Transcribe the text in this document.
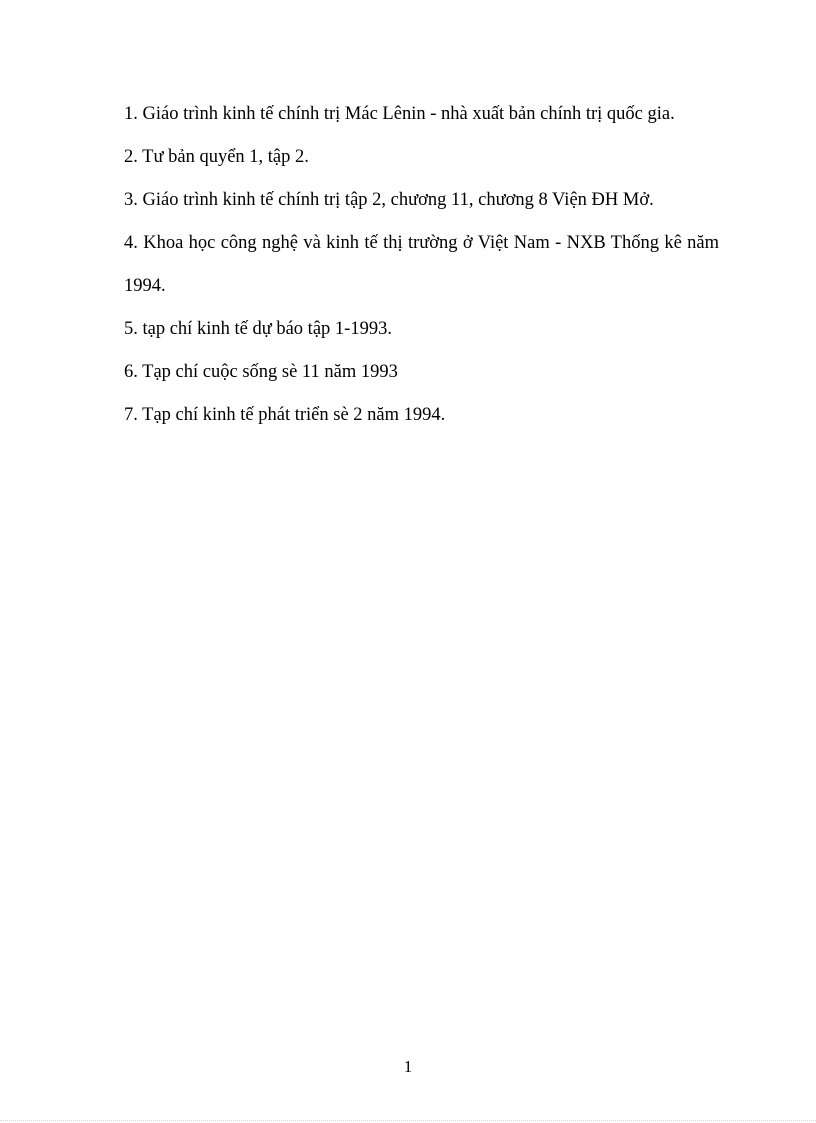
1. Giáo trình kinh tế chính trị Mác Lênin - nhà xuất bản chính trị quốc gia.
2. Tư bản quyển 1, tập 2.
3. Giáo trình kinh tế chính trị tập 2, chương 11, chương 8 Viện ĐH Mở.
4. Khoa học công nghệ và kinh tế thị trường ở Việt Nam - NXB Thống kê năm 1994.
5. tạp chí kinh tế dự báo tập 1-1993.
6. Tạp chí cuộc sống sè 11 năm 1993
7. Tạp chí kinh tế phát triển sè 2 năm 1994.
1
